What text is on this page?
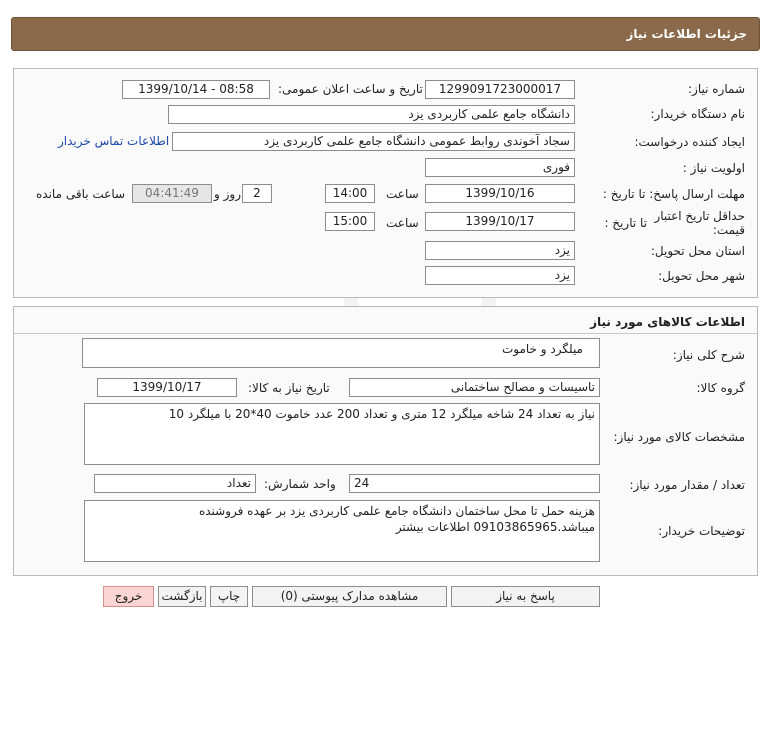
جزئیات اطلاعات نیاز
شماره نیاز:
1299091723000017
تاریخ و ساعت اعلان عمومی:
1399/10/14 - 08:58
نام دستگاه خریدار:
دانشگاه جامع علمی کاربردی یزد
ایجاد کننده درخواست:
سجاد آخوندی روابط عمومی دانشگاه جامع علمی کاربردی یزد
اطلاعات تماس خریدار
اولویت نیاز :
فوری
مهلت ارسال پاسخ: تا تاریخ :
1399/10/16
ساعت
14:00
2
روز و
04:41:49
ساعت باقی مانده
حداقل تاریخ اعتبار قیمت:
تا تاریخ :
1399/10/17
ساعت
15:00
استان محل تحویل:
یزد
شهر محل تحویل:
یزد
اطلاعات کالاهای مورد نیاز
شرح کلی نیاز:
میلگرد و خاموت
گروه کالا:
تاسیسات و مصالح ساختمانی
تاریخ نیاز به کالا:
1399/10/17
مشخصات کالای مورد نیاز:
نیاز به تعداد 24 شاخه میلگرد 12 متری و تعداد 200 عدد خاموت 40*20 با میلگرد 10
تعداد / مقدار مورد نیاز:
24
واحد شمارش:
تعداد
توضیحات خریدار:
هزینه حمل تا محل ساختمان دانشگاه جامع علمی کاربردی یزد بر عهده فروشنده میباشد.09103865965 اطلاعات بیشتر
پاسخ به نیاز
مشاهده مدارک پیوستی (0)
چاپ
بازگشت
خروج
